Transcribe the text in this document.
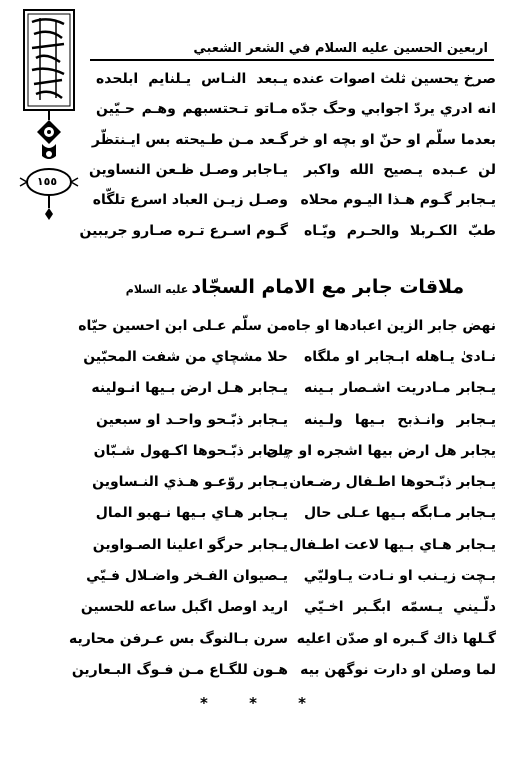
١٥٥
اربعين الحسين عليه السلام في الشعر الشعبي
صرخ يحسين ثلث اصوات عنده
يـبعد النـاس يـلنايم ابلحده
انه ادري يردّ اجوابي وحگ جدّه
مـاتو تـحتسبهم وهـم حـيّين
بعدما سلّم او حنّ او بچه او خر
گـعد مـن طـيحته بس ايـنتظّر
لن عـبده يـصيح الله واكبر
يـاجابر وصـل ظـعن النساوين
يـجابر گـوم هـذا اليـوم محلاه
وصـل زيـن العباد اسرع تلگّاه
طبّ الكـربلا والحـرم ويّـاه
گـوم اسـرع تـره صـارو جريبين
ملاقات جابر مع الامام السجّادعليه السلام
نهض جابر الزين اعبادها او جاه
من سلّم عـلى ابن احسين حيّاه
نـادىٰ يـاهله ابـجابر او ملگاه
حلا مشچاي من شفت المحبّين
يـجابر مـادريت اشـصار بـينه
يـجابر هـل ارض بـيها انـولينه
يـجابر وانـذبح بـيها ولـينه
يـجابر ذبّـحو واحـد او سبعين
يجابر هل ارض بيها اشجره او چان
يـجابر ذبّـحوها اكـهول شـبّان
يـجابر ذبّـحوها اطـفال رضـعان
يـجابر روّعـو هـذي النـساوين
يـجابر مـابگه بـيها عـلى حال
يـجابر هـاي بـيها نـهبو المال
يـجابر هـاي بـيها لاعت اطـفال
يـجابر حرگو اعلينا الصـواوين
بـچت زيـنب او نـادت يـاوليّي
يـصيوان الفـخر واضـلال فـيّي
دلّـيني يـسمّه ابگـبر اخـيّي
اريد اوصل اگبل ساعه للحسين
گـلها ذاك گـبره او صدّن اعليه
سرن بـالنوگ بس عـرفن محاريه
لما وصلن او دارت نوگهن بيه
هـون للگـاع مـن فـوگ البـعارين
* * *
